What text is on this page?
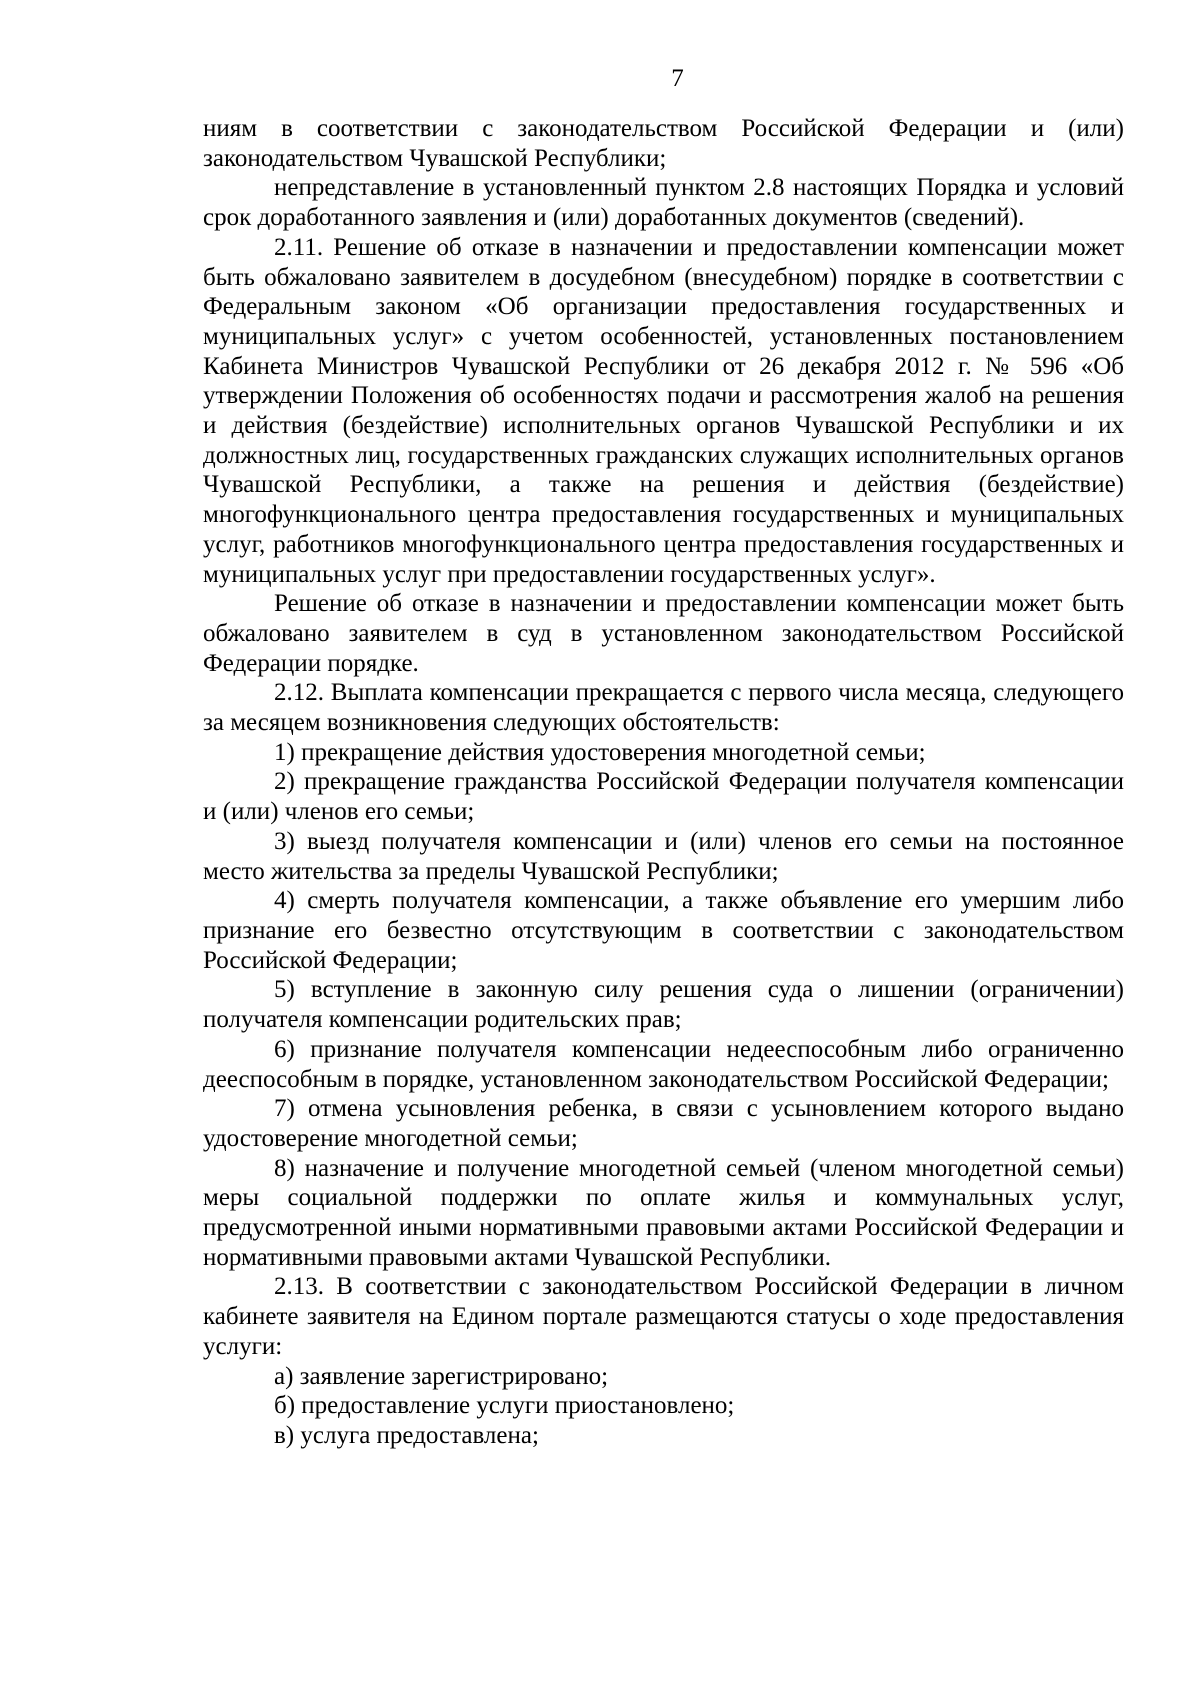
7

ниям в соответствии с законодательством Российской Федерации и (или) законодательством Чувашской Республики;

непредставление в установленный пунктом 2.8 настоящих Порядка и условий срок доработанного заявления и (или) доработанных документов (сведений).

2.11. Решение об отказе в назначении и предоставлении компенсации может быть обжаловано заявителем в досудебном (внесудебном) порядке в соответствии с Федеральным законом «Об организации предоставления государственных и муниципальных услуг» с учетом особенностей, установленных постановлением Кабинета Министров Чувашской Республики от 26 декабря 2012 г. № 596 «Об утверждении Положения об особенностях подачи и рассмотрения жалоб на решения и действия (бездействие) исполнительных органов Чувашской Республики и их должностных лиц, государственных гражданских служащих исполнительных органов Чувашской Республики, а также на решения и действия (бездействие) многофункционального центра предоставления государственных и муниципальных услуг, работников многофункционального центра предоставления государственных и муниципальных услуг при предоставлении государственных услуг».

Решение об отказе в назначении и предоставлении компенсации может быть обжаловано заявителем в суд в установленном законодательством Российской Федерации порядке.

2.12. Выплата компенсации прекращается с первого числа месяца, следующего за месяцем возникновения следующих обстоятельств:

1) прекращение действия удостоверения многодетной семьи;

2) прекращение гражданства Российской Федерации получателя компенсации и (или) членов его семьи;

3) выезд получателя компенсации и (или) членов его семьи на постоянное место жительства за пределы Чувашской Республики;

4) смерть получателя компенсации, а также объявление его умершим либо признание его безвестно отсутствующим в соответствии с законодательством Российской Федерации;

5) вступление в законную силу решения суда о лишении (ограничении) получателя компенсации родительских прав;

6) признание получателя компенсации недееспособным либо ограниченно дееспособным в порядке, установленном законодательством Российской Федерации;

7) отмена усыновления ребенка, в связи с усыновлением которого выдано удостоверение многодетной семьи;

8) назначение и получение многодетной семьей (членом многодетной семьи) меры социальной поддержки по оплате жилья и коммунальных услуг, предусмотренной иными нормативными правовыми актами Российской Федерации и нормативными правовыми актами Чувашской Республики.

2.13. В соответствии с законодательством Российской Федерации в личном кабинете заявителя на Едином портале размещаются статусы о ходе предоставления услуги:

а) заявление зарегистрировано;

б) предоставление услуги приостановлено;

в) услуга предоставлена;
